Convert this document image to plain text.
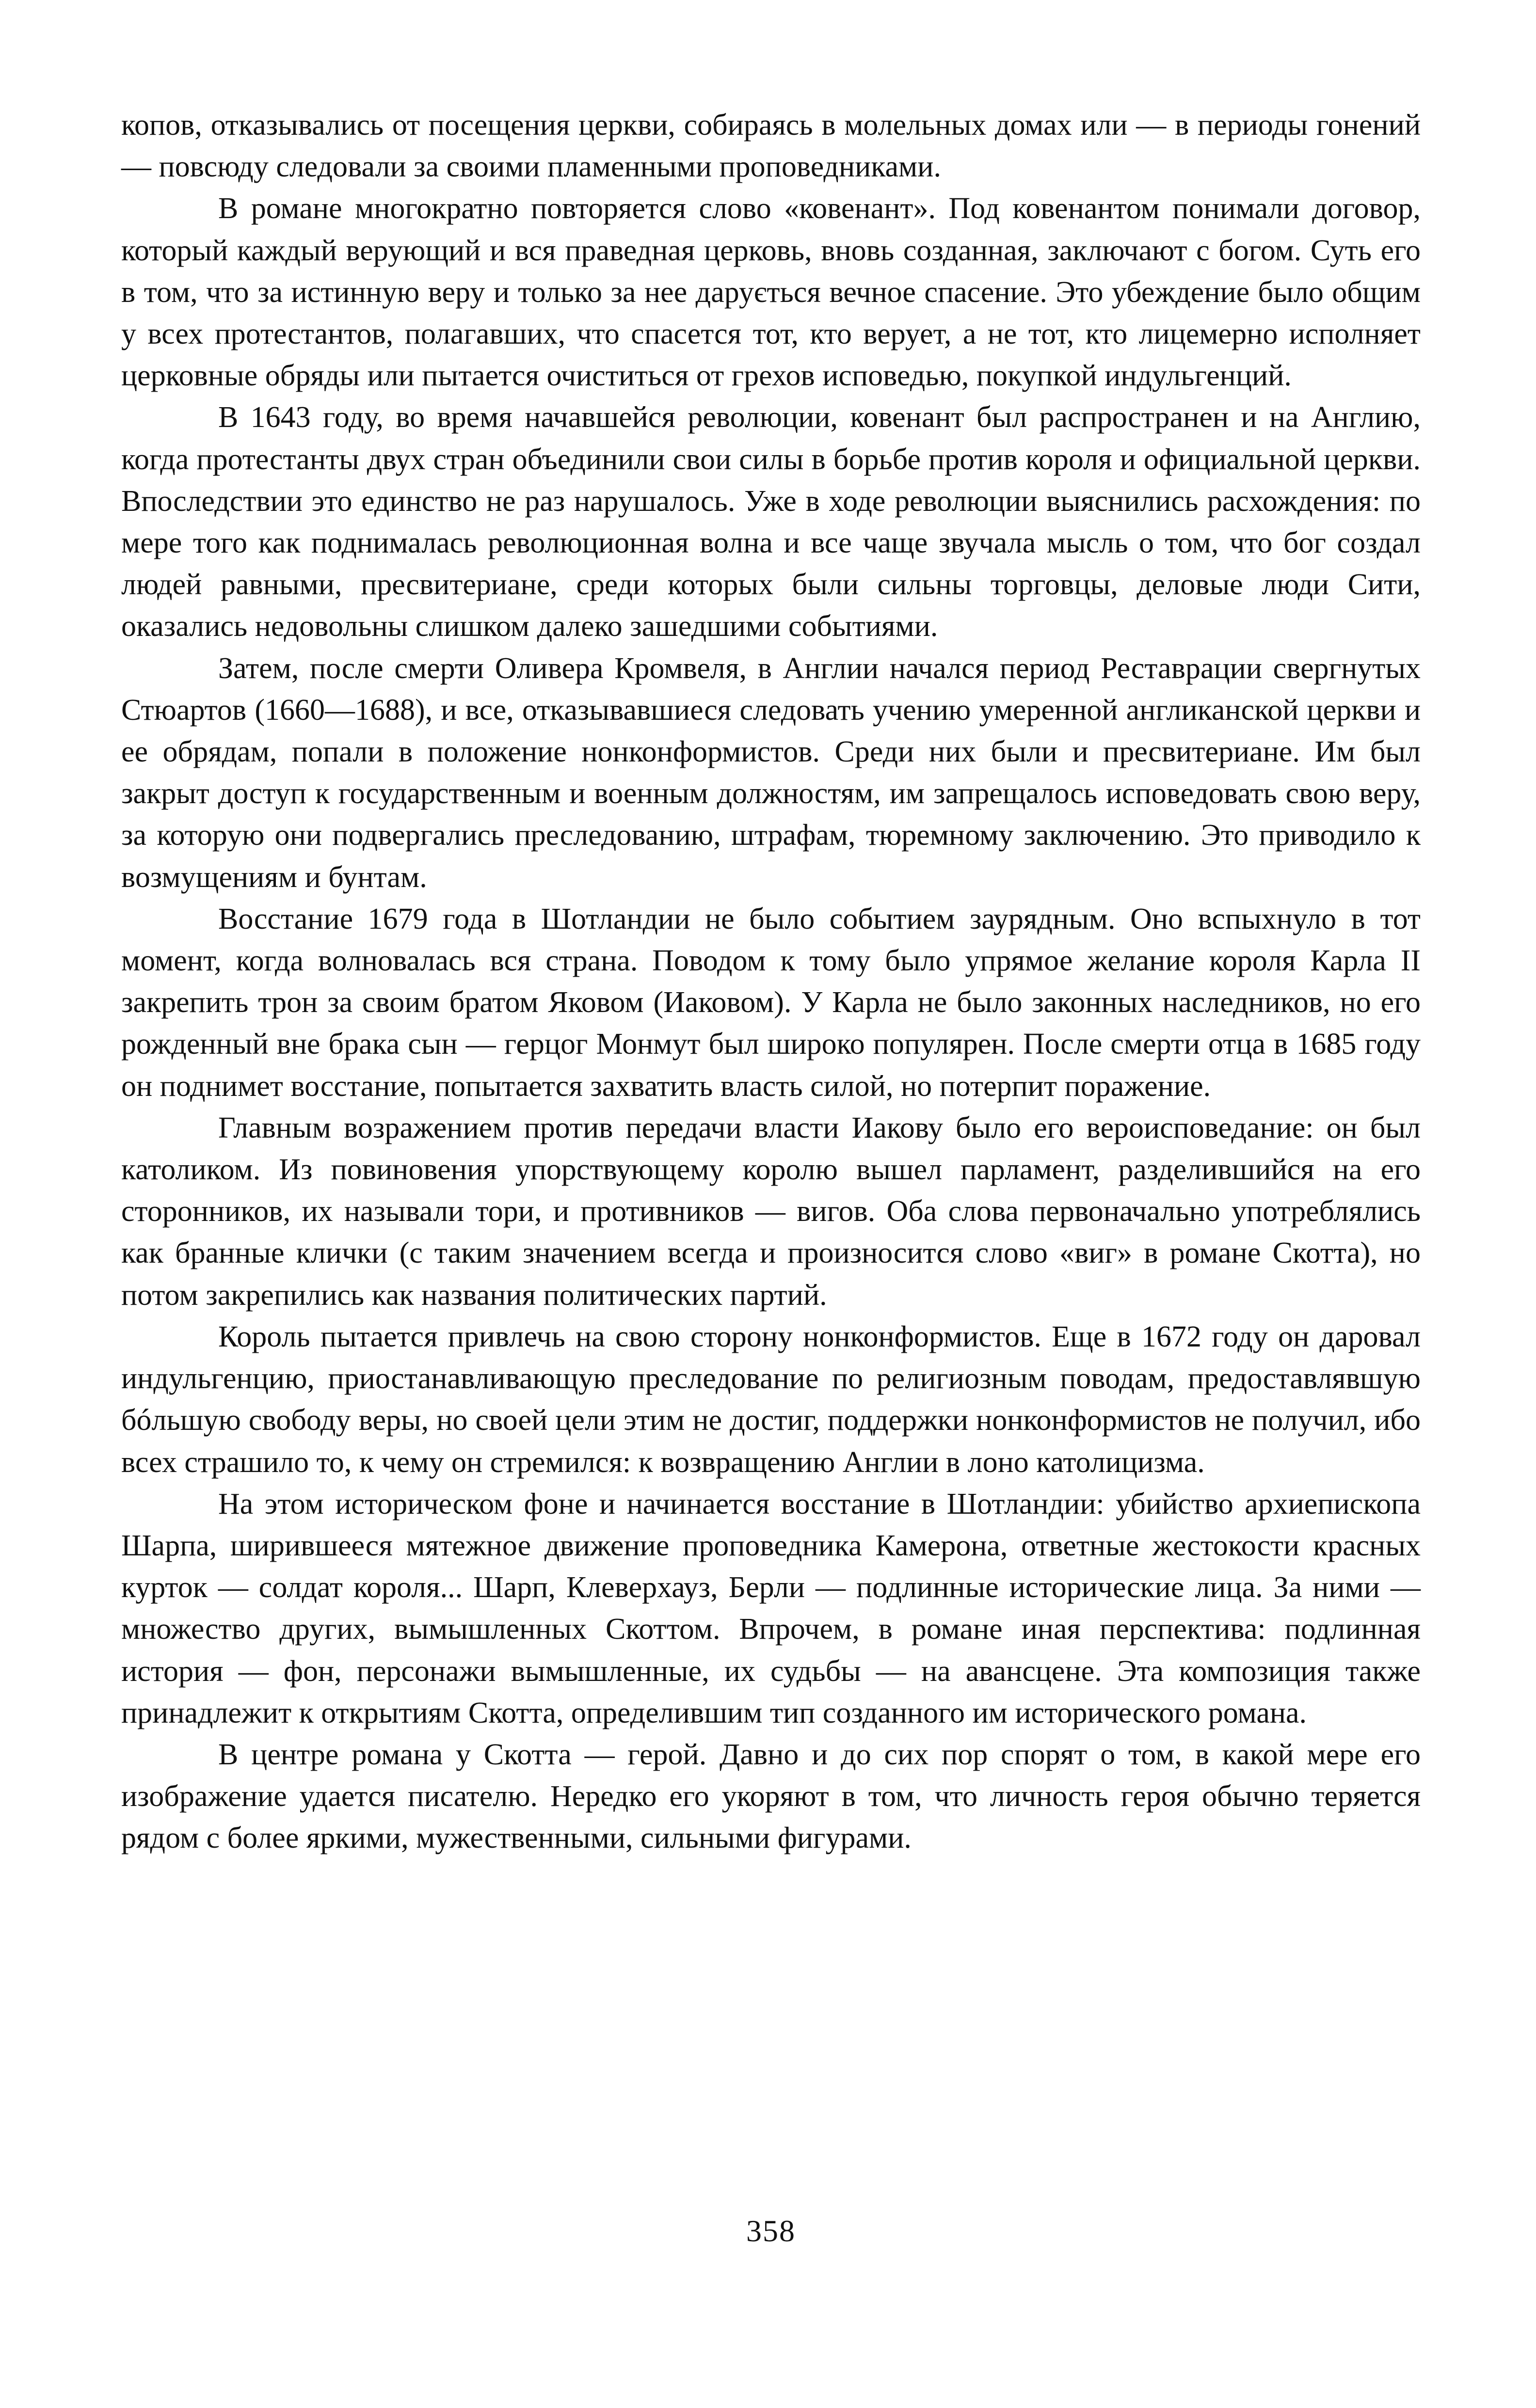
копов, отказывались от посещения церкви, собираясь в молельных домах или — в периоды гонений — повсюду следовали за своими пламенными проповедниками.

В романе многократно повторяется слово «ковенант». Под ковенантом понимали договор, который каждый верующий и вся праведная церковь, вновь созданная, заключают с богом. Суть его в том, что за истинную веру и только за нее дарується вечное спасение. Это убеждение было общим у всех протестантов, полагавших, что спасется тот, кто верует, а не тот, кто лицемерно исполняет церковные обряды или пытается очиститься от грехов исповедью, покупкой индульгенций.

В 1643 году, во время начавшейся революции, ковенант был распространен и на Англию, когда протестанты двух стран объединили свои силы в борьбе против короля и официальной церкви. Впоследствии это единство не раз нарушалось. Уже в ходе революции выяснились расхождения: по мере того как поднималась революционная волна и все чаще звучала мысль о том, что бог создал людей равными, пресвитериане, среди которых были сильны торговцы, деловые люди Сити, оказались недовольны слишком далеко зашедшими событиями.

Затем, после смерти Оливера Кромвеля, в Англии начался период Реставрации свергнутых Стюартов (1660—1688), и все, отказывавшиеся следовать учению умеренной англиканской церкви и ее обрядам, попали в положение нонконформистов. Среди них были и пресвитериане. Им был закрыт доступ к государственным и военным должностям, им запрещалось исповедовать свою веру, за которую они подвергались преследованию, штрафам, тюремному заключению. Это приводило к возмущениям и бунтам.

Восстание 1679 года в Шотландии не было событием заурядным. Оно вспыхнуло в тот момент, когда волновалась вся страна. Поводом к тому было упрямое желание короля Карла II закрепить трон за своим братом Яковом (Иаковом). У Карла не было законных наследников, но его рожденный вне брака сын — герцог Монмут был широко популярен. После смерти отца в 1685 году он поднимет восстание, попытается захватить власть силой, но потерпит поражение.

Главным возражением против передачи власти Иакову было его вероисповедание: он был католиком. Из повиновения упорствующему королю вышел парламент, разделившийся на его сторонников, их называли тори, и противников — вигов. Оба слова первоначально употреблялись как бранные клички (с таким значением всегда и произносится слово «виг» в романе Скотта), но потом закрепились как названия политических партий.

Король пытается привлечь на свою сторону нонконформистов. Еще в 1672 году он даровал индульгенцию, приостанавливающую преследование по религиозным поводам, предоставлявшую бóльшую свободу веры, но своей цели этим не достиг, поддержки нонконформистов не получил, ибо всех страшило то, к чему он стремился: к возвращению Англии в лоно католицизма.

На этом историческом фоне и начинается восстание в Шотландии: убийство архиепископа Шарпа, ширившееся мятежное движение проповедника Камерона, ответные жестокости красных курток — солдат короля... Шарп, Клеверхауз, Берли — подлинные исторические лица. За ними — множество других, вымышленных Скоттом. Впрочем, в романе иная перспектива: подлинная история — фон, персонажи вымышленные, их судьбы — на авансцене. Эта композиция также принадлежит к открытиям Скотта, определившим тип созданного им исторического романа.

В центре романа у Скотта — герой. Давно и до сих пор спорят о том, в какой мере его изображение удается писателю. Нередко его укоряют в том, что личность героя обычно теряется рядом с более яркими, мужественными, сильными фигурами.

358
